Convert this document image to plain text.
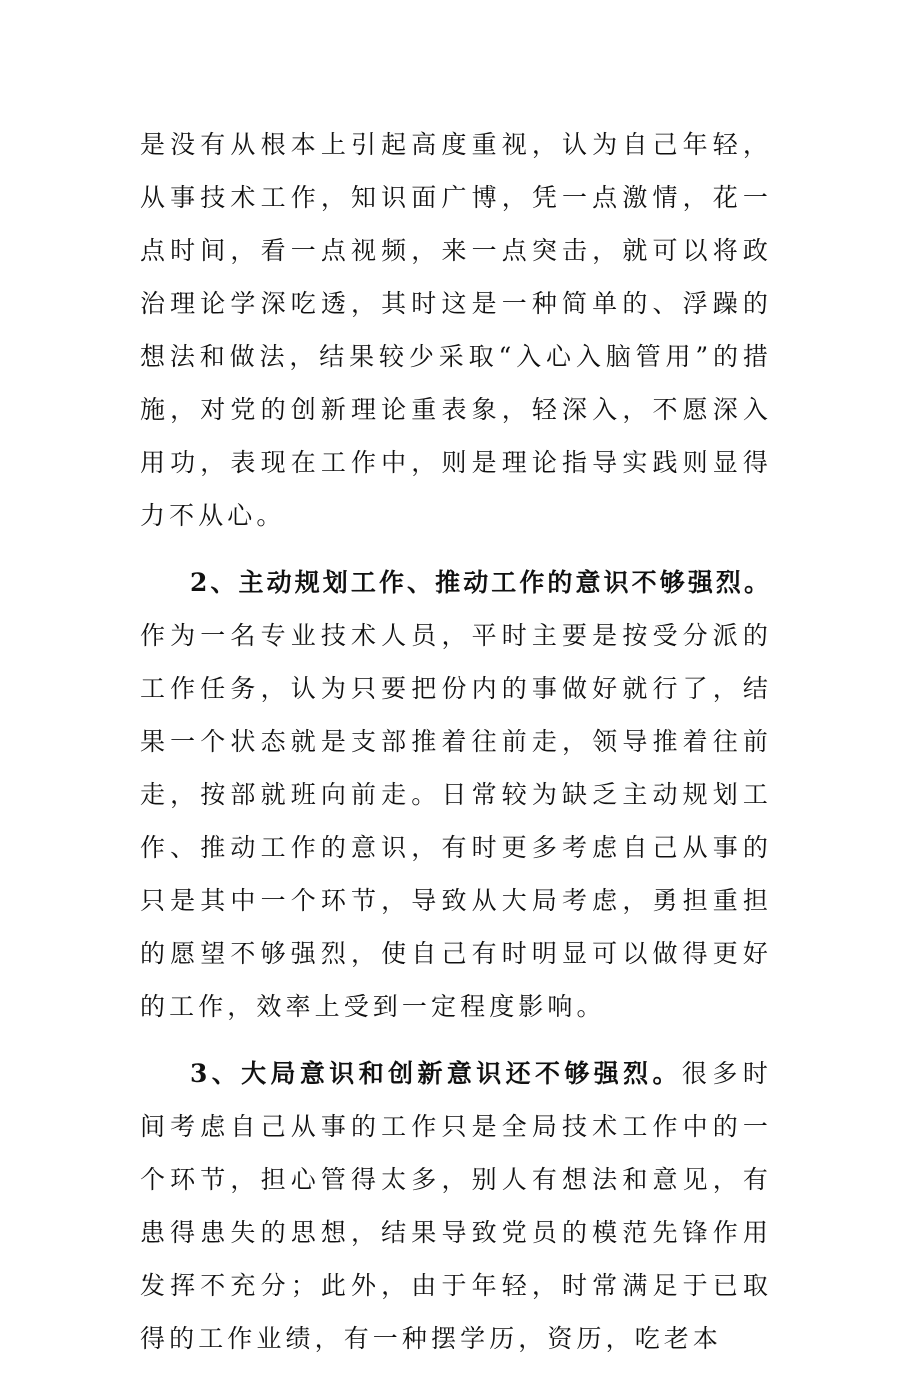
是没有从根本上引起高度重视，认为自己年轻，从事技术工作，知识面广博，凭一点激情，花一点时间，看一点视频，来一点突击，就可以将政治理论学深吃透，其时这是一种简单的、浮躁的想法和做法，结果较少采取“入心入脑管用”的措施，对党的创新理论重表象，轻深入，不愿深入用功，表现在工作中，则是理论指导实践则显得力不从心。

2、主动规划工作、推动工作的意识不够强烈。作为一名专业技术人员，平时主要是按受分派的工作任务，认为只要把份内的事做好就行了，结果一个状态就是支部推着往前走，领导推着往前走，按部就班向前走。日常较为缺乏主动规划工作、推动工作的意识，有时更多考虑自己从事的只是其中一个环节，导致从大局考虑，勇担重担的愿望不够强烈，使自己有时明显可以做得更好的工作，效率上受到一定程度影响。

3、大局意识和创新意识还不够强烈。很多时间考虑自己从事的工作只是全局技术工作中的一个环节，担心管得太多，别人有想法和意见，有患得患失的思想，结果导致党员的模范先锋作用发挥不充分；此外，由于年轻，时常满足于已取得的工作业绩，有一种摆学历，资历，吃老本
